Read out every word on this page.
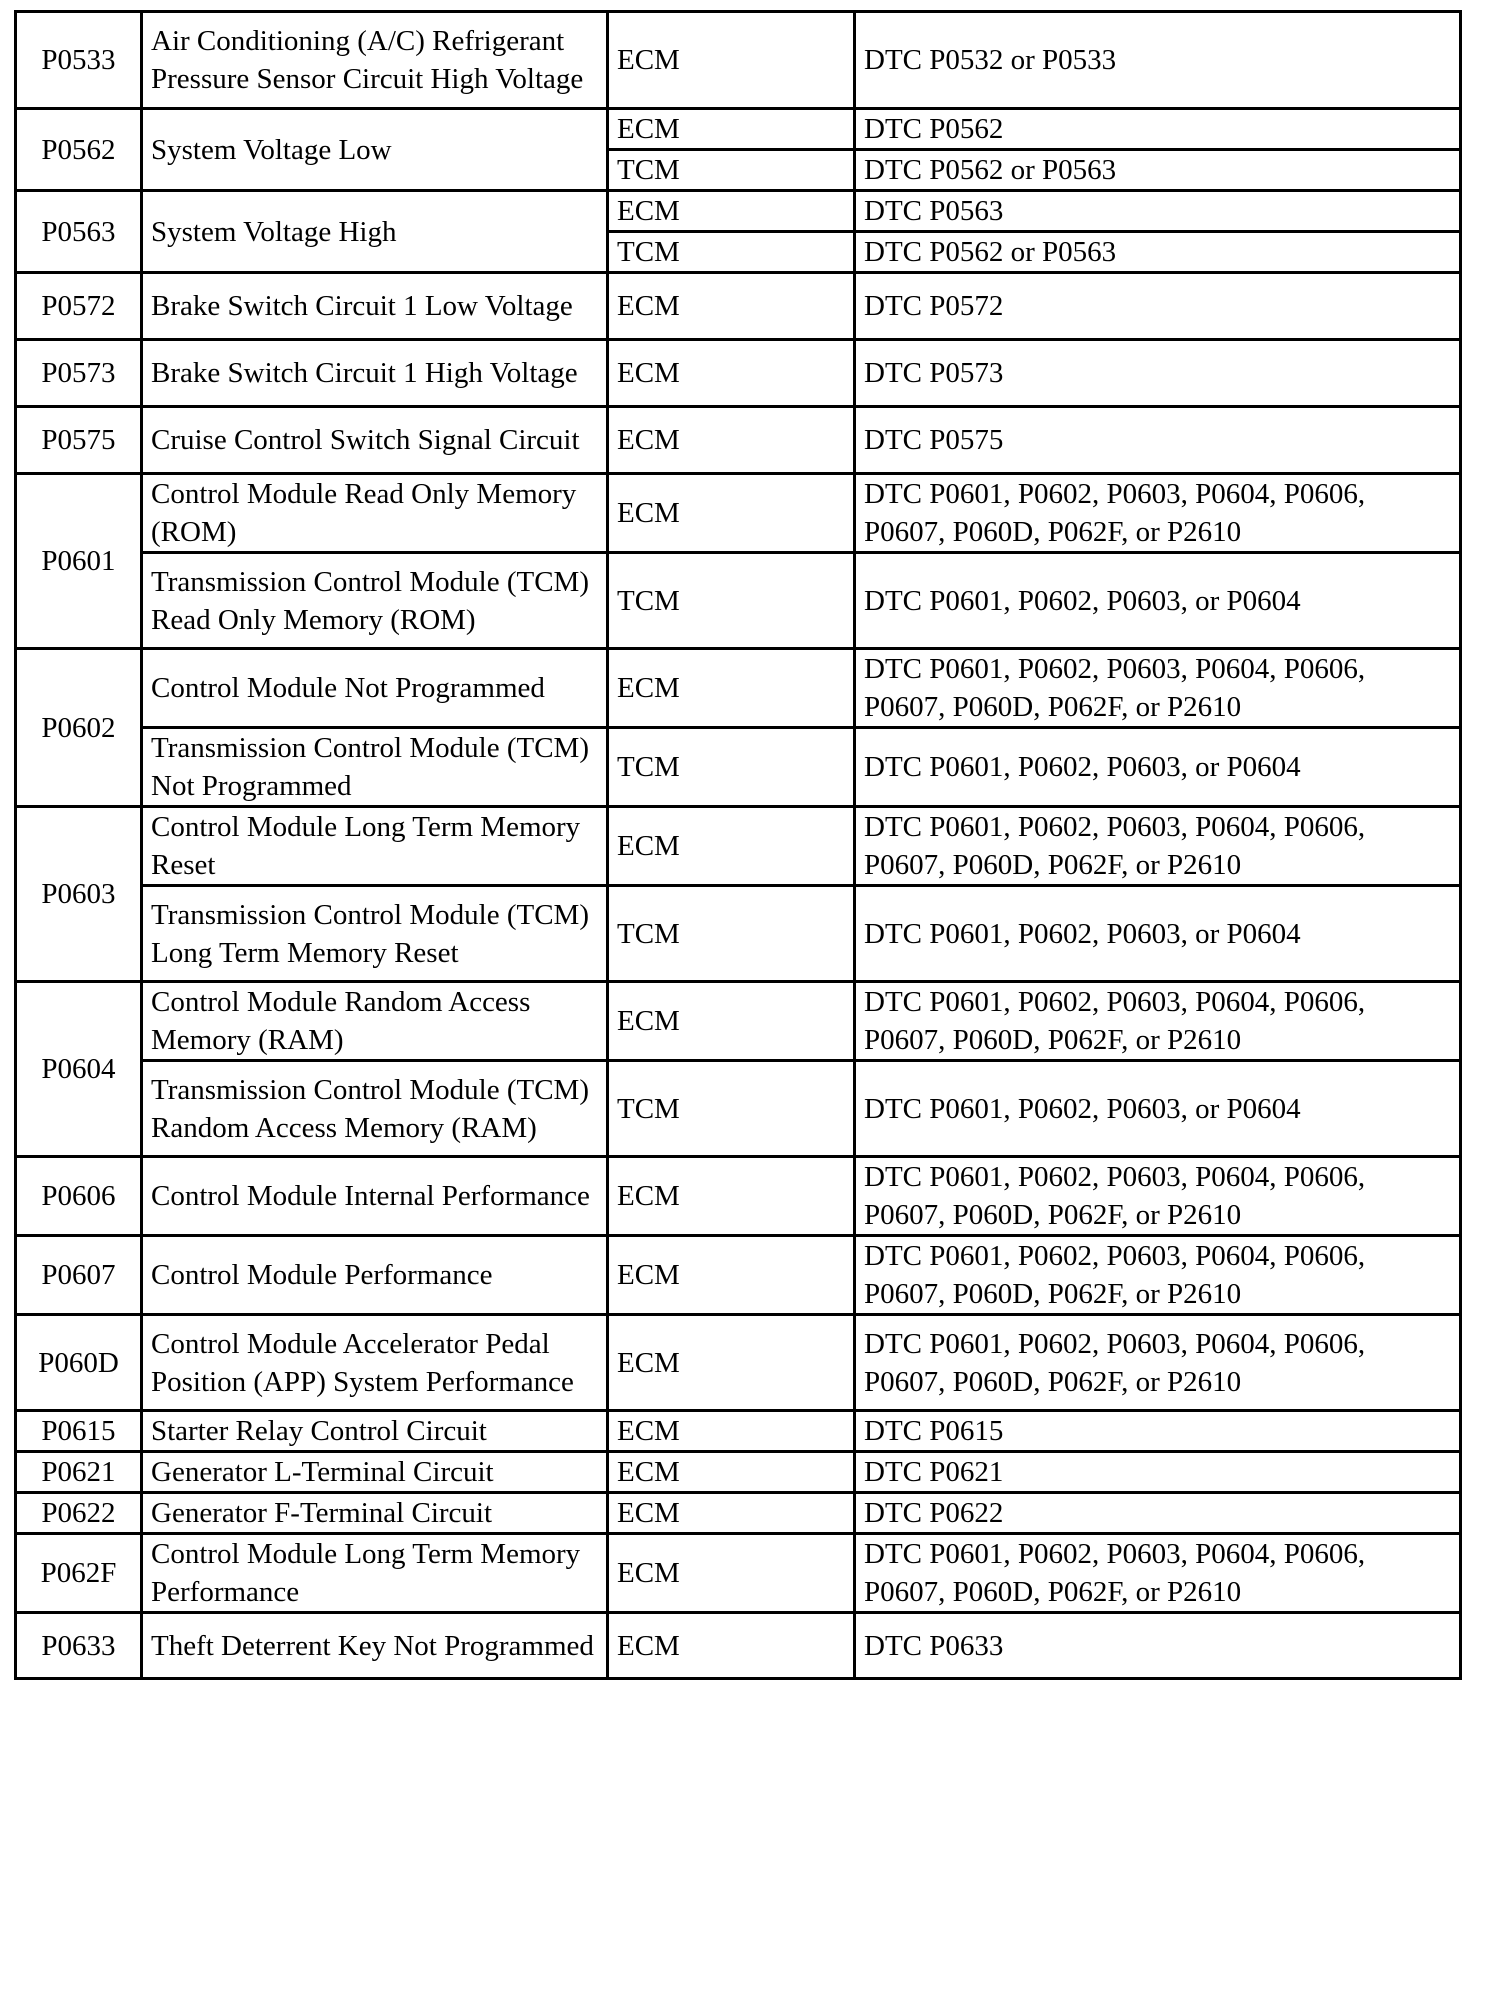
P0533	Air Conditioning (A/C) Refrigerant Pressure Sensor Circuit High Voltage	ECM	DTC P0532 or P0533
P0562	System Voltage Low	ECM	DTC P0562
		TCM	DTC P0562 or P0563
P0563	System Voltage High	ECM	DTC P0563
		TCM	DTC P0562 or P0563
P0572	Brake Switch Circuit 1 Low Voltage	ECM	DTC P0572
P0573	Brake Switch Circuit 1 High Voltage	ECM	DTC P0573
P0575	Cruise Control Switch Signal Circuit	ECM	DTC P0575
P0601	Control Module Read Only Memory (ROM)	ECM	DTC P0601, P0602, P0603, P0604, P0606, P0607, P060D, P062F, or P2610
	Transmission Control Module (TCM) Read Only Memory (ROM)	TCM	DTC P0601, P0602, P0603, or P0604
P0602	Control Module Not Programmed	ECM	DTC P0601, P0602, P0603, P0604, P0606, P0607, P060D, P062F, or P2610
	Transmission Control Module (TCM) Not Programmed	TCM	DTC P0601, P0602, P0603, or P0604
P0603	Control Module Long Term Memory Reset	ECM	DTC P0601, P0602, P0603, P0604, P0606, P0607, P060D, P062F, or P2610
	Transmission Control Module (TCM) Long Term Memory Reset	TCM	DTC P0601, P0602, P0603, or P0604
P0604	Control Module Random Access Memory (RAM)	ECM	DTC P0601, P0602, P0603, P0604, P0606, P0607, P060D, P062F, or P2610
	Transmission Control Module (TCM) Random Access Memory (RAM)	TCM	DTC P0601, P0602, P0603, or P0604
P0606	Control Module Internal Performance	ECM	DTC P0601, P0602, P0603, P0604, P0606, P0607, P060D, P062F, or P2610
P0607	Control Module Performance	ECM	DTC P0601, P0602, P0603, P0604, P0606, P0607, P060D, P062F, or P2610
P060D	Control Module Accelerator Pedal Position (APP) System Performance	ECM	DTC P0601, P0602, P0603, P0604, P0606, P0607, P060D, P062F, or P2610
P0615	Starter Relay Control Circuit	ECM	DTC P0615
P0621	Generator L-Terminal Circuit	ECM	DTC P0621
P0622	Generator F-Terminal Circuit	ECM	DTC P0622
P062F	Control Module Long Term Memory Performance	ECM	DTC P0601, P0602, P0603, P0604, P0606, P0607, P060D, P062F, or P2610
P0633	Theft Deterrent Key Not Programmed	ECM	DTC P0633
